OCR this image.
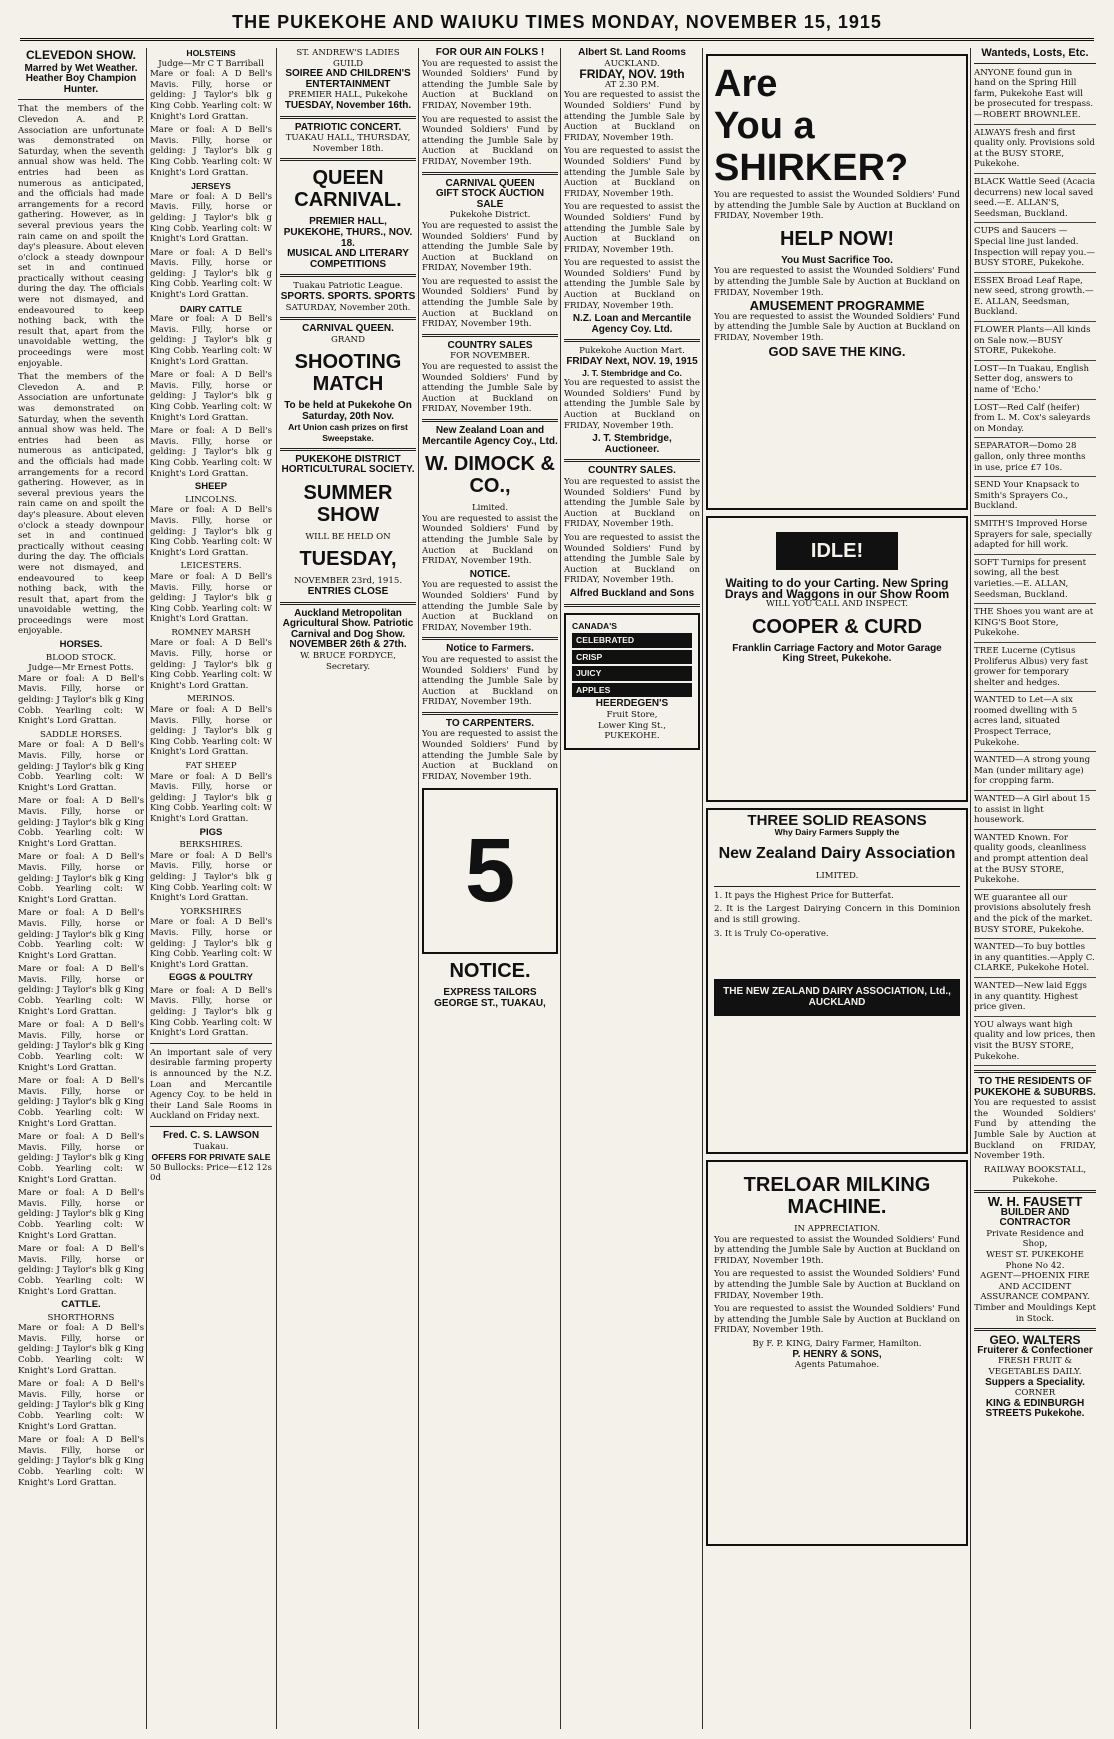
THE PUKEKOHE AND WAIUKU TIMES MONDAY, NOVEMBER 15, 1915
CLEVEDON SHOW.
Marred by Wet Weather.
Heather Boy Champion Hunter.

That the members of the Clevedon A. and P. Association are unfortunate was demonstrated on Saturday, when the seventh annual show was held. The entries had been as numerous as anticipated, and the officials had made arrangements for a record gathering. However, as in several previous years the rain came on and spoilt the day's pleasure. About eleven o'clock a steady downpour set in and continued practically without ceasing during the day. The officials were not dismayed, and endeavoured to keep nothing back, with the result that, apart from the unavoidable wetting, the proceedings were most enjoyable.

That the members of the Clevedon A. and P. Association are unfortunate was demonstrated on Saturday, when the seventh annual show was held. The entries had been as numerous as anticipated, and the officials had made arrangements for a record gathering. However, as in several previous years the rain came on and spoilt the day's pleasure. About eleven o'clock a steady downpour set in and continued practically without ceasing during the day. The officials were not dismayed, and endeavoured to keep nothing back, with the result that, apart from the unavoidable wetting, the proceedings were most enjoyable.

HORSES.
BLOOD STOCK.
Judge—Mr Ernest Potts.

Mare or foal: A D Bell's Mavis. Filly, horse or gelding: J Taylor's blk g King Cobb. Yearling colt: W Knight's Lord Grattan.

SADDLE HORSES.

Mare or foal: A D Bell's Mavis. Filly, horse or gelding: J Taylor's blk g King Cobb. Yearling colt: W Knight's Lord Grattan.

Mare or foal: A D Bell's Mavis. Filly, horse or gelding: J Taylor's blk g King Cobb. Yearling colt: W Knight's Lord Grattan.

Mare or foal: A D Bell's Mavis. Filly, horse or gelding: J Taylor's blk g King Cobb. Yearling colt: W Knight's Lord Grattan.

Mare or foal: A D Bell's Mavis. Filly, horse or gelding: J Taylor's blk g King Cobb. Yearling colt: W Knight's Lord Grattan.

Mare or foal: A D Bell's Mavis. Filly, horse or gelding: J Taylor's blk g King Cobb. Yearling colt: W Knight's Lord Grattan.

Mare or foal: A D Bell's Mavis. Filly, horse or gelding: J Taylor's blk g King Cobb. Yearling colt: W Knight's Lord Grattan.

Mare or foal: A D Bell's Mavis. Filly, horse or gelding: J Taylor's blk g King Cobb. Yearling colt: W Knight's Lord Grattan.

Mare or foal: A D Bell's Mavis. Filly, horse or gelding: J Taylor's blk g King Cobb. Yearling colt: W Knight's Lord Grattan.

Mare or foal: A D Bell's Mavis. Filly, horse or gelding: J Taylor's blk g King Cobb. Yearling colt: W Knight's Lord Grattan.

Mare or foal: A D Bell's Mavis. Filly, horse or gelding: J Taylor's blk g King Cobb. Yearling colt: W Knight's Lord Grattan.

CATTLE.
SHORTHORNS

Mare or foal: A D Bell's Mavis. Filly, horse or gelding: J Taylor's blk g King Cobb. Yearling colt: W Knight's Lord Grattan.

Mare or foal: A D Bell's Mavis. Filly, horse or gelding: J Taylor's blk g King Cobb. Yearling colt: W Knight's Lord Grattan.

Mare or foal: A D Bell's Mavis. Filly, horse or gelding: J Taylor's blk g King Cobb. Yearling colt: W Knight's Lord Grattan.

HOLSTEINS
Judge—Mr C T Barriball

Mare or foal: A D Bell's Mavis. Filly, horse or gelding: J Taylor's blk g King Cobb. Yearling colt: W Knight's Lord Grattan.

Mare or foal: A D Bell's Mavis. Filly, horse or gelding: J Taylor's blk g King Cobb. Yearling colt: W Knight's Lord Grattan.

JERSEYS

Mare or foal: A D Bell's Mavis. Filly, horse or gelding: J Taylor's blk g King Cobb. Yearling colt: W Knight's Lord Grattan.

Mare or foal: A D Bell's Mavis. Filly, horse or gelding: J Taylor's blk g King Cobb. Yearling colt: W Knight's Lord Grattan.

DAIRY CATTLE

Mare or foal: A D Bell's Mavis. Filly, horse or gelding: J Taylor's blk g King Cobb. Yearling colt: W Knight's Lord Grattan.

Mare or foal: A D Bell's Mavis. Filly, horse or gelding: J Taylor's blk g King Cobb. Yearling colt: W Knight's Lord Grattan.

Mare or foal: A D Bell's Mavis. Filly, horse or gelding: J Taylor's blk g King Cobb. Yearling colt: W Knight's Lord Grattan.

SHEEP
LINCOLNS.

Mare or foal: A D Bell's Mavis. Filly, horse or gelding: J Taylor's blk g King Cobb. Yearling colt: W Knight's Lord Grattan.

LEICESTERS.

Mare or foal: A D Bell's Mavis. Filly, horse or gelding: J Taylor's blk g King Cobb. Yearling colt: W Knight's Lord Grattan.

ROMNEY MARSH

Mare or foal: A D Bell's Mavis. Filly, horse or gelding: J Taylor's blk g King Cobb. Yearling colt: W Knight's Lord Grattan.

MERINOS.

Mare or foal: A D Bell's Mavis. Filly, horse or gelding: J Taylor's blk g King Cobb. Yearling colt: W Knight's Lord Grattan.

FAT SHEEP

Mare or foal: A D Bell's Mavis. Filly, horse or gelding: J Taylor's blk g King Cobb. Yearling colt: W Knight's Lord Grattan.

PIGS
BERKSHIRES.

Mare or foal: A D Bell's Mavis. Filly, horse or gelding: J Taylor's blk g King Cobb. Yearling colt: W Knight's Lord Grattan.

YORKSHIRES

Mare or foal: A D Bell's Mavis. Filly, horse or gelding: J Taylor's blk g King Cobb. Yearling colt: W Knight's Lord Grattan.

EGGS & POULTRY

Mare or foal: A D Bell's Mavis. Filly, horse or gelding: J Taylor's blk g King Cobb. Yearling colt: W Knight's Lord Grattan.

An important sale of very desirable farming property is announced by the N.Z. Loan and Mercantile Agency Coy. to be held in their Land Sale Rooms in Auckland on Friday next.

Fred. C. S. LAWSON
Tuakau.
OFFERS FOR PRIVATE SALE
50 Bullocks: Price—£12 12s 0d
ST. ANDREW'S LADIES GUILD
SOIREE AND CHILDREN'S ENTERTAINMENT
PREMIER HALL, Pukekohe
TUESDAY, November 16th.
PATRIOTIC CONCERT.
TUAKAU HALL, THURSDAY, November 18th.
QUEEN CARNIVAL.
PREMIER HALL, PUKEKOHE, THURS., NOV. 18.
MUSICAL AND LITERARY COMPETITIONS
Tuakau Patriotic League.
SPORTS. SPORTS. SPORTS
SATURDAY, November 20th.
CARNIVAL QUEEN.
GRAND
SHOOTING MATCH
To be held at Pukekohe On Saturday, 20th Nov.
Art Union cash prizes on first Sweepstake.
PUKEKOHE DISTRICT HORTICULTURAL SOCIETY.
SUMMER SHOW
WILL BE HELD ON
TUESDAY,
NOVEMBER 23rd, 1915.
ENTRIES CLOSE
Auckland Metropolitan Agricultural Show. Patriotic Carnival and Dog Show.
NOVEMBER 26th & 27th.
W. BRUCE FORDYCE, Secretary.
FOR OUR AIN FOLKS !

You are requested to assist the Wounded Soldiers' Fund by attending the Jumble Sale by Auction at Buckland on FRIDAY, November 19th.

You are requested to assist the Wounded Soldiers' Fund by attending the Jumble Sale by Auction at Buckland on FRIDAY, November 19th.

CARNIVAL QUEEN
GIFT STOCK AUCTION SALE
Pukekohe District.

You are requested to assist the Wounded Soldiers' Fund by attending the Jumble Sale by Auction at Buckland on FRIDAY, November 19th.

You are requested to assist the Wounded Soldiers' Fund by attending the Jumble Sale by Auction at Buckland on FRIDAY, November 19th.

COUNTRY SALES
FOR NOVEMBER.

You are requested to assist the Wounded Soldiers' Fund by attending the Jumble Sale by Auction at Buckland on FRIDAY, November 19th.

New Zealand Loan and Mercantile Agency Coy., Ltd.
W. DIMOCK & CO.,
Limited.

You are requested to assist the Wounded Soldiers' Fund by attending the Jumble Sale by Auction at Buckland on FRIDAY, November 19th.

NOTICE.

You are requested to assist the Wounded Soldiers' Fund by attending the Jumble Sale by Auction at Buckland on FRIDAY, November 19th.

Notice to Farmers.

You are requested to assist the Wounded Soldiers' Fund by attending the Jumble Sale by Auction at Buckland on FRIDAY, November 19th.

TO CARPENTERS.

You are requested to assist the Wounded Soldiers' Fund by attending the Jumble Sale by Auction at Buckland on FRIDAY, November 19th.

5
NOTICE.
EXPRESS TAILORS
GEORGE ST., TUAKAU,
Albert St. Land Rooms
AUCKLAND.
FRIDAY, NOV. 19th
AT 2.30 P.M.

You are requested to assist the Wounded Soldiers' Fund by attending the Jumble Sale by Auction at Buckland on FRIDAY, November 19th.

You are requested to assist the Wounded Soldiers' Fund by attending the Jumble Sale by Auction at Buckland on FRIDAY, November 19th.

You are requested to assist the Wounded Soldiers' Fund by attending the Jumble Sale by Auction at Buckland on FRIDAY, November 19th.

You are requested to assist the Wounded Soldiers' Fund by attending the Jumble Sale by Auction at Buckland on FRIDAY, November 19th.

N.Z. Loan and Mercantile Agency Coy. Ltd.
Pukekohe Auction Mart.
FRIDAY Next, NOV. 19, 1915
J. T. Stembridge and Co.

You are requested to assist the Wounded Soldiers' Fund by attending the Jumble Sale by Auction at Buckland on FRIDAY, November 19th.

J. T. Stembridge, Auctioneer.
COUNTRY SALES.

You are requested to assist the Wounded Soldiers' Fund by attending the Jumble Sale by Auction at Buckland on FRIDAY, November 19th.

You are requested to assist the Wounded Soldiers' Fund by attending the Jumble Sale by Auction at Buckland on FRIDAY, November 19th.

Alfred Buckland and Sons
CANADA'S
CELEBRATED
CRISP
JUICY
APPLES
HEERDEGEN'S
Fruit Store,
Lower King St., PUKEKOHE.
Are
You a
SHIRKER?

You are requested to assist the Wounded Soldiers' Fund by attending the Jumble Sale by Auction at Buckland on FRIDAY, November 19th.

HELP NOW!
You Must Sacrifice Too.

You are requested to assist the Wounded Soldiers' Fund by attending the Jumble Sale by Auction at Buckland on FRIDAY, November 19th.

AMUSEMENT PROGRAMME

You are requested to assist the Wounded Soldiers' Fund by attending the Jumble Sale by Auction at Buckland on FRIDAY, November 19th.

GOD SAVE THE KING.
IDLE!
Waiting to do your Carting. New Spring Drays and Waggons in our Show Room
WILL YOU CALL AND INSPECT.
COOPER & CURD
Franklin Carriage Factory and Motor Garage
King Street, Pukekohe.
THREE SOLID REASONS
Why Dairy Farmers Supply the
New Zealand Dairy Association
LIMITED.

1. It pays the Highest Price for Butterfat.

2. It is the Largest Dairying Concern in this Dominion and is still growing.

3. It is Truly Co-operative.

THE NEW ZEALAND DAIRY ASSOCIATION, Ltd., AUCKLAND
TRELOAR MILKING MACHINE.
IN APPRECIATION.

You are requested to assist the Wounded Soldiers' Fund by attending the Jumble Sale by Auction at Buckland on FRIDAY, November 19th.

You are requested to assist the Wounded Soldiers' Fund by attending the Jumble Sale by Auction at Buckland on FRIDAY, November 19th.

You are requested to assist the Wounded Soldiers' Fund by attending the Jumble Sale by Auction at Buckland on FRIDAY, November 19th.

By F. P. KING, Dairy Farmer, Hamilton.
P. HENRY & SONS,
Agents Patumahoe.
Wanteds, Losts, Etc.
ANYONE found gun in hand on the Spring Hill farm, Pukekohe East will be prosecuted for trespass.—ROBERT BROWNLEE.
ALWAYS fresh and first quality only. Provisions sold at the BUSY STORE, Pukekohe.
BLACK Wattle Seed (Acacia decurrens) new local saved seed.—E. ALLAN'S, Seedsman, Buckland.
CUPS and Saucers — Special line just landed. Inspection will repay you.—BUSY STORE, Pukekohe.
ESSEX Broad Leaf Rape, new seed, strong growth.—E. ALLAN, Seedsman, Buckland.
FLOWER Plants—All kinds on Sale now.—BUSY STORE, Pukekohe.
LOST—In Tuakau, English Setter dog, answers to name of 'Echo.'
LOST—Red Calf (heifer) from L. M. Cox's saleyards on Monday.
SEPARATOR—Domo 28 gallon, only three months in use, price £7 10s.
SEND Your Knapsack to Smith's Sprayers Co., Buckland.
SMITH'S Improved Horse Sprayers for sale, specially adapted for hill work.
SOFT Turnips for present sowing, all the best varieties.—E. ALLAN, Seedsman, Buckland.
THE Shoes you want are at KING'S Boot Store, Pukekohe.
TREE Lucerne (Cytisus Proliferus Albus) very fast grower for temporary shelter and hedges.
WANTED to Let—A six roomed dwelling with 5 acres land, situated Prospect Terrace, Pukekohe.
WANTED—A strong young Man (under military age) for cropping farm.
WANTED—A Girl about 15 to assist in light housework.
WANTED Known. For quality goods, cleanliness and prompt attention deal at the BUSY STORE, Pukekohe.
WE guarantee all our provisions absolutely fresh and the pick of the market. BUSY STORE, Pukekohe.
WANTED—To buy bottles in any quantities.—Apply C. CLARKE, Pukekohe Hotel.
WANTED—New laid Eggs in any quantity. Highest price given.
YOU always want high quality and low prices, then visit the BUSY STORE, Pukekohe.
TO THE RESIDENTS OF PUKEKOHE & SUBURBS.

You are requested to assist the Wounded Soldiers' Fund by attending the Jumble Sale by Auction at Buckland on FRIDAY, November 19th.

RAILWAY BOOKSTALL, Pukekohe.
W. H. FAUSETT
BUILDER AND CONTRACTOR
Private Residence and Shop,
WEST ST. PUKEKOHE
Phone No 42.
AGENT—PHOENIX FIRE AND ACCIDENT ASSURANCE COMPANY.
Timber and Mouldings Kept in Stock.
GEO. WALTERS
Fruiterer & Confectioner
FRESH FRUIT & VEGETABLES DAILY.
Suppers a Speciality.
CORNER
KING & EDINBURGH STREETS Pukekohe.
